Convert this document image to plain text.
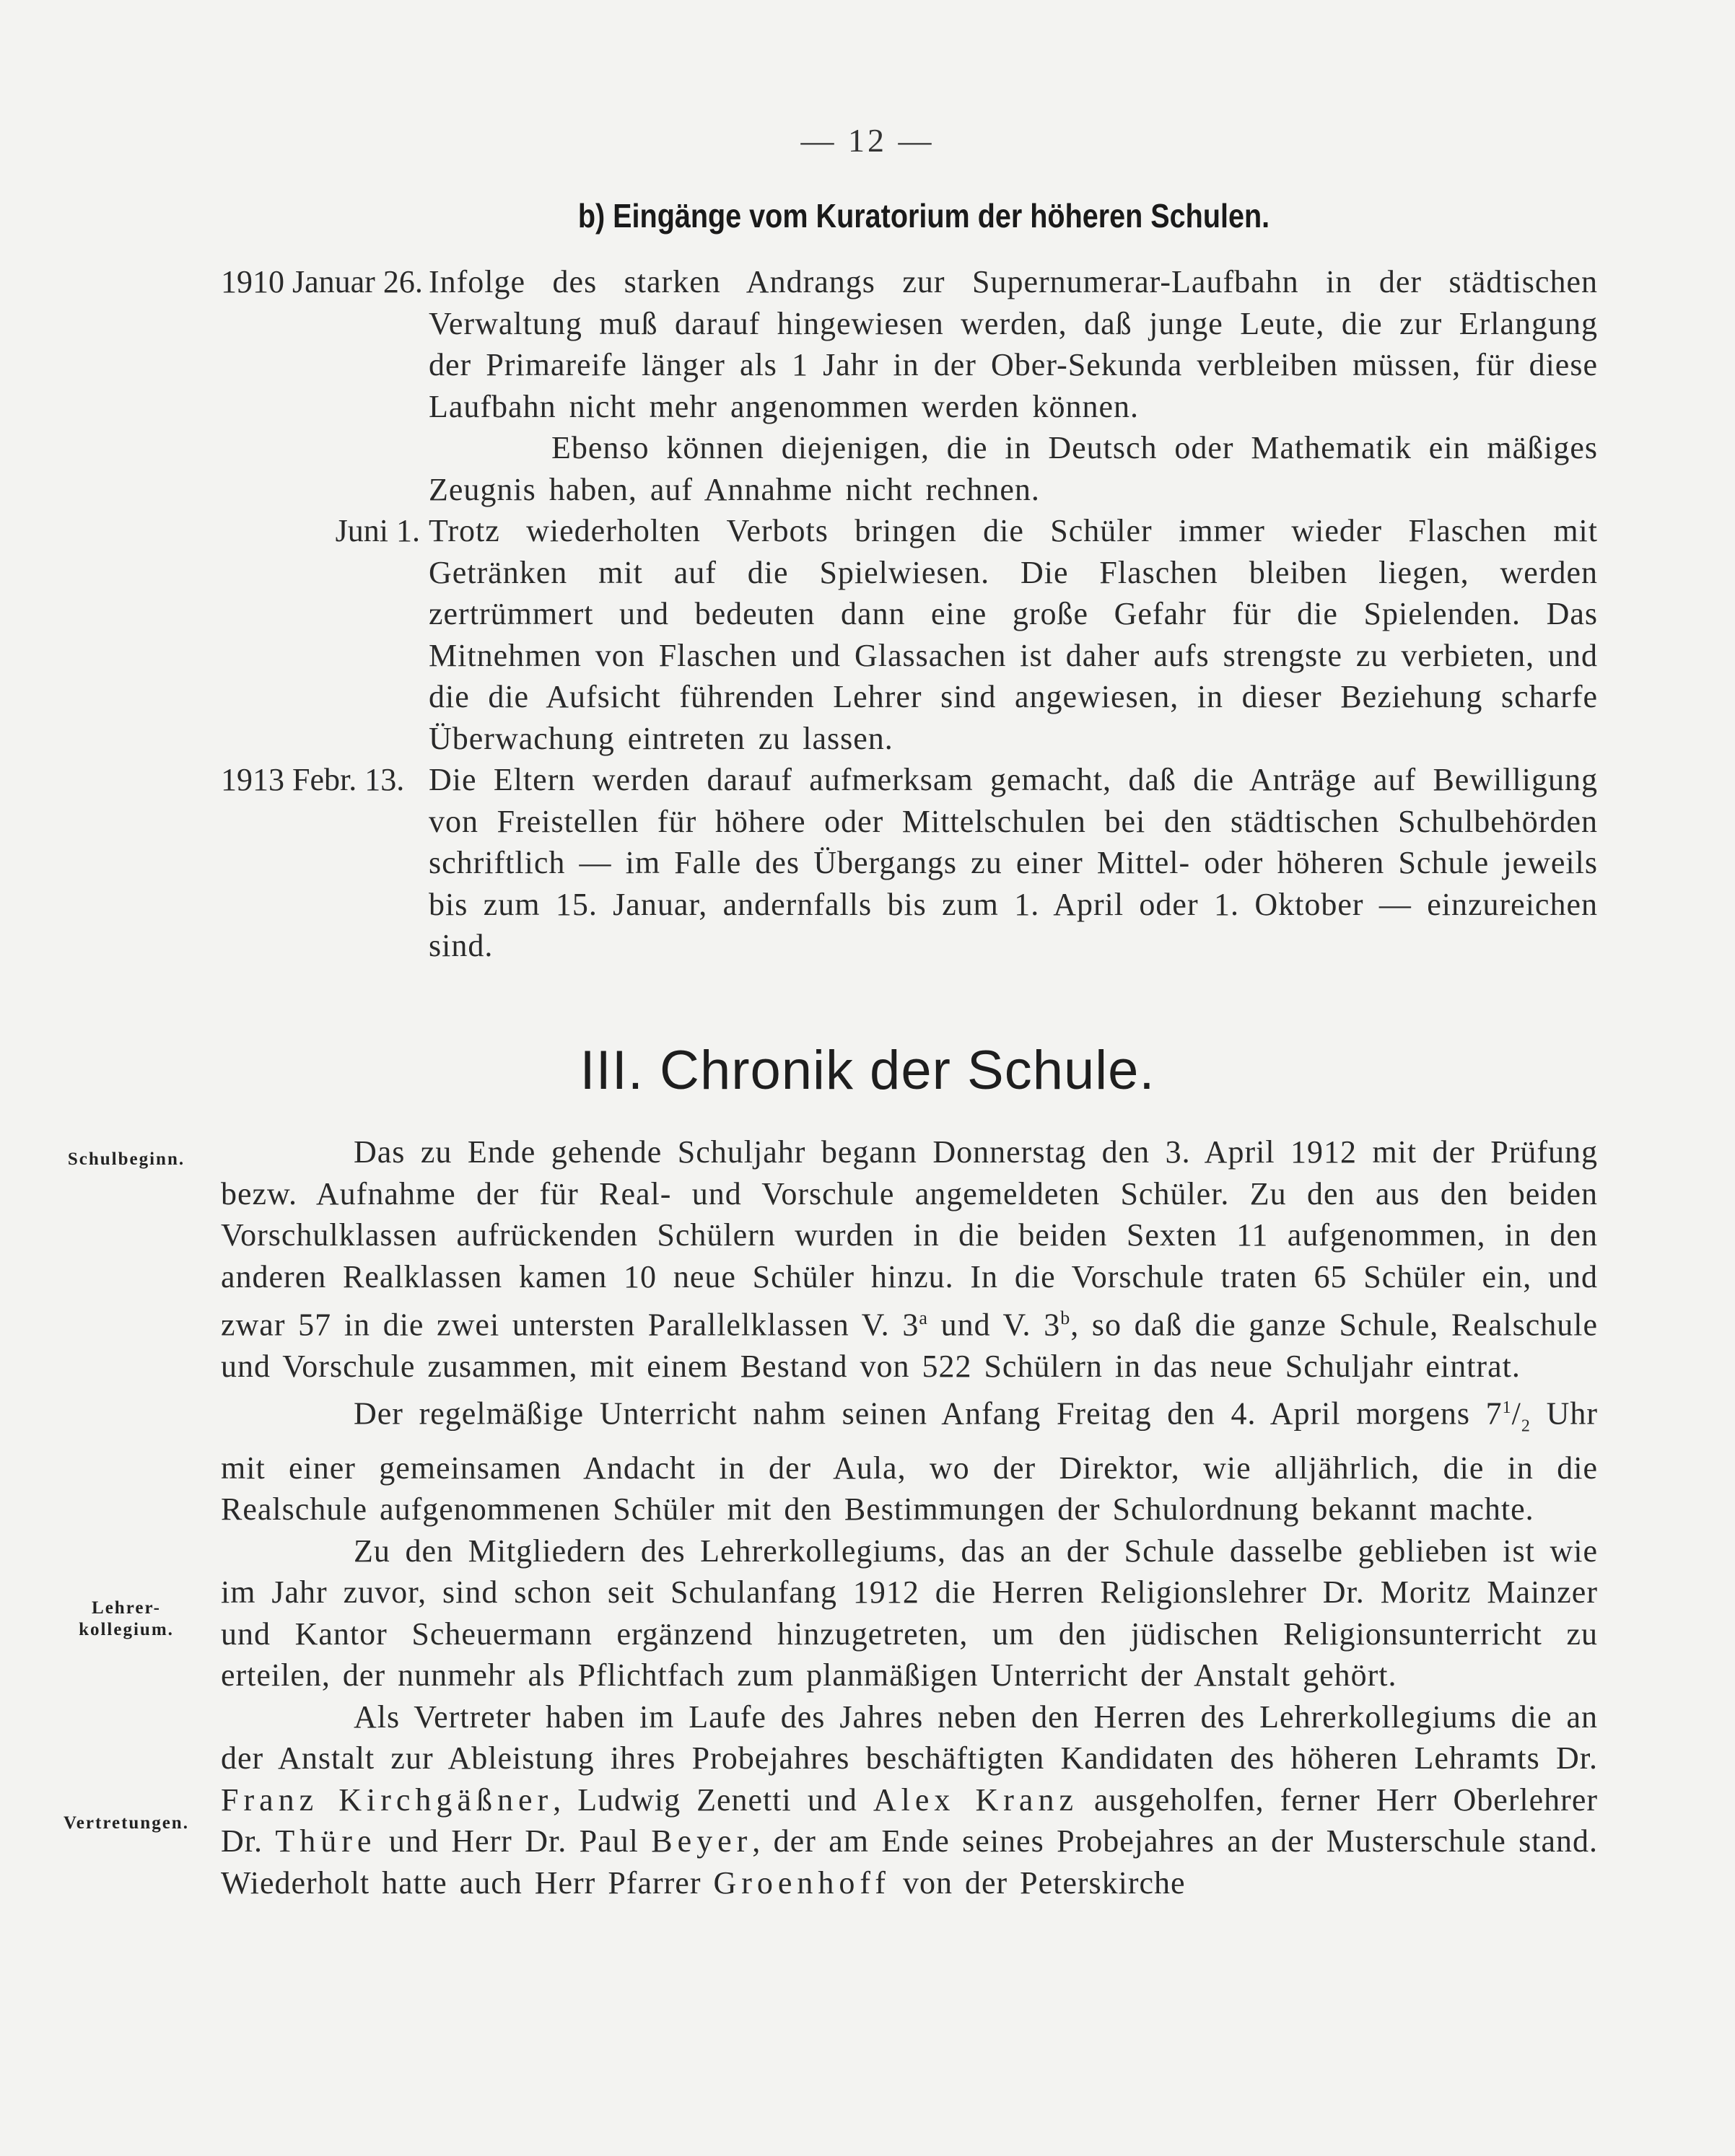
— 12 —
b) Eingänge vom Kuratorium der höheren Schulen.
1910 Januar 26. Infolge des starken Andrangs zur Supernumerar-Laufbahn in der städtischen Verwaltung muß darauf hingewiesen werden, daß junge Leute, die zur Erlangung der Primareife länger als 1 Jahr in der Ober-Sekunda verbleiben müssen, für diese Laufbahn nicht mehr angenommen werden können.

Ebenso können diejenigen, die in Deutsch oder Mathematik ein mäßiges Zeugnis haben, auf Annahme nicht rechnen.

Juni 1. Trotz wiederholten Verbots bringen die Schüler immer wieder Flaschen mit Getränken mit auf die Spielwiesen. Die Flaschen bleiben liegen, werden zertrümmert und bedeuten dann eine große Gefahr für die Spielenden. Das Mitnehmen von Flaschen und Glassachen ist daher aufs strengste zu verbieten, und die die Aufsicht führenden Lehrer sind angewiesen, in dieser Beziehung scharfe Überwachung eintreten zu lassen.

1913 Febr. 13. Die Eltern werden darauf aufmerksam gemacht, daß die Anträge auf Bewilligung von Freistellen für höhere oder Mittelschulen bei den städtischen Schulbehörden schriftlich — im Falle des Übergangs zu einer Mittel- oder höheren Schule jeweils bis zum 15. Januar, andernfalls bis zum 1. April oder 1. Oktober — einzureichen sind.

III. Chronik der Schule.
Schulbeginn.
Lehrer-
kollegium.
Vertretungen.

Das zu Ende gehende Schuljahr begann Donnerstag den 3. April 1912 mit der Prüfung bezw. Aufnahme der für Real- und Vorschule angemeldeten Schüler. Zu den aus den beiden Vorschulklassen aufrückenden Schülern wurden in die beiden Sexten 11 aufgenommen, in den anderen Realklassen kamen 10 neue Schüler hinzu. In die Vorschule traten 65 Schüler ein, und zwar 57 in die zwei untersten Parallelklassen V. 3$^a$ und V. 3$^b$, so daß die ganze Schule, Realschule und Vorschule zusammen, mit einem Bestand von 522 Schülern in das neue Schuljahr eintrat.

Der regelmäßige Unterricht nahm seinen Anfang Freitag den 4. April morgens $7^1/_2$ Uhr mit einer gemeinsamen Andacht in der Aula, wo der Direktor, wie alljährlich, die in die Realschule aufgenommenen Schüler mit den Bestimmungen der Schulordnung bekannt machte.

Zu den Mitgliedern des Lehrerkollegiums, das an der Schule dasselbe geblieben ist wie im Jahr zuvor, sind schon seit Schulanfang 1912 die Herren Religionslehrer Dr. Moritz Mainzer und Kantor Scheuermann ergänzend hinzugetreten, um den jüdischen Religionsunterricht zu erteilen, der nunmehr als Pflichtfach zum planmäßigen Unterricht der Anstalt gehört.

Als Vertreter haben im Laufe des Jahres neben den Herren des Lehrerkollegiums die an der Anstalt zur Ableistung ihres Probejahres beschäftigten Kandidaten des höheren Lehramts Dr. Franz Kirchgäßner, Ludwig Zenetti und Alex Kranz ausgeholfen, ferner Herr Oberlehrer Dr. Thüre und Herr Dr. Paul Beyer, der am Ende seines Probejahres an der Musterschule stand. Wiederholt hatte auch Herr Pfarrer Groenhoff von der Peterskirche
